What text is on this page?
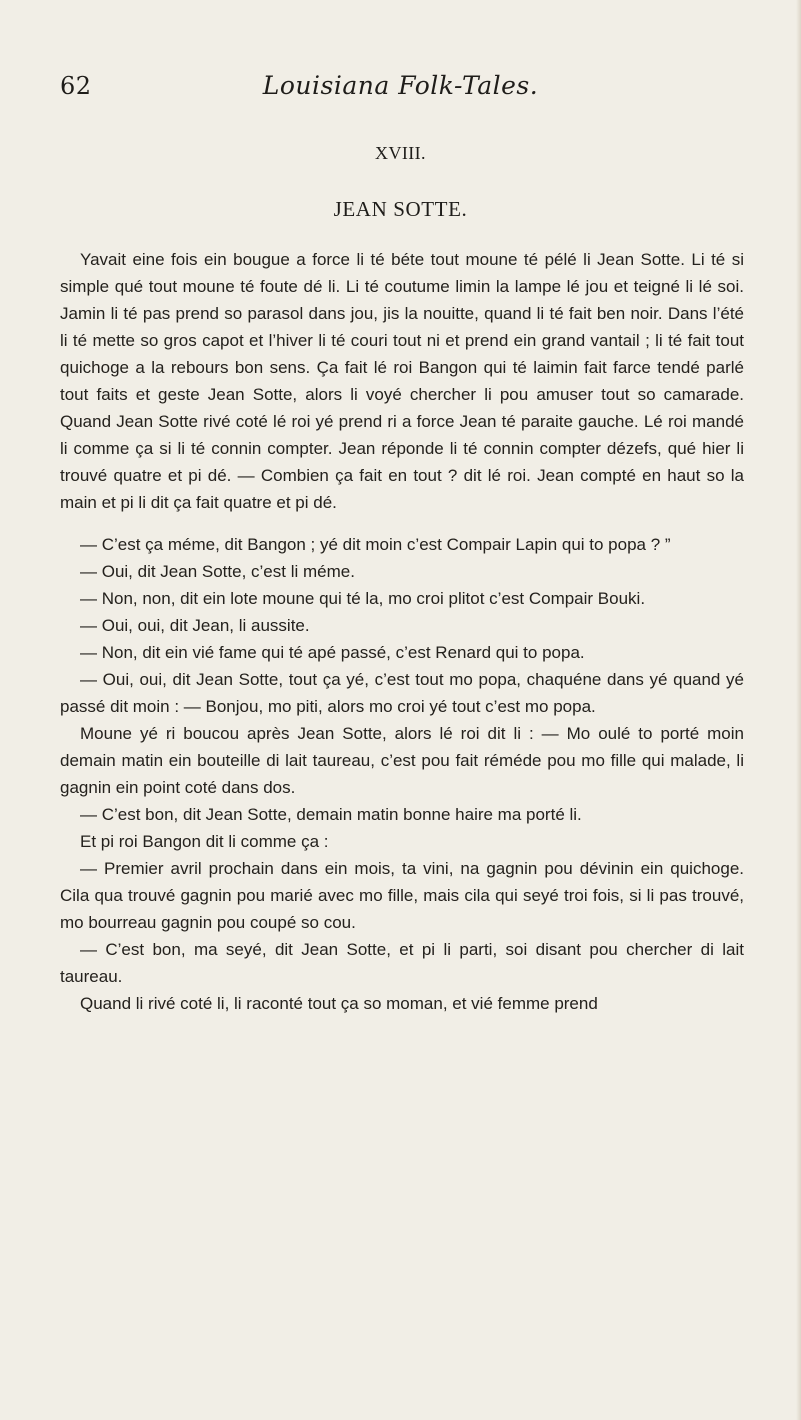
62	Louisiana Folk-Tales.
XVIII.
JEAN SOTTE.

Yavait eine fois ein bougue a force li té béte tout moune té pélé li Jean Sotte. Li té si simple qué tout moune té foute dé li. Li té coutume limin la lampe lé jou et teigné li lé soi. Jamin li té pas prend so parasol dans jou, jis la nouitte, quand li té fait ben noir. Dans l’été li té mette so gros capot et l’hiver li té couri tout ni et prend ein grand vantail ; li té fait tout quichoge a la rebours bon sens. Ça fait lé roi Bangon qui té laimin fait farce tendé parlé tout faits et geste Jean Sotte, alors li voyé chercher li pou amuser tout so camarade. Quand Jean Sotte rivé coté lé roi yé prend ri a force Jean té paraite gauche. Lé roi mandé li comme ça si li té connin compter. Jean réponde li té connin compter dézefs, qué hier li trouvé quatre et pi dé. — Combien ça fait en tout ? dit lé roi. Jean compté en haut so la main et pi li dit ça fait quatre et pi dé.

— C’est ça méme, dit Bangon ; yé dit moin c’est Compair Lapin qui to popa ? ”

— Oui, dit Jean Sotte, c’est li méme.

— Non, non, dit ein lote moune qui té la, mo croi plitot c’est Compair Bouki.

— Oui, oui, dit Jean, li aussite.

— Non, dit ein vié fame qui té apé passé, c’est Renard qui to popa.

— Oui, oui, dit Jean Sotte, tout ça yé, c’est tout mo popa, chaquéne dans yé quand yé passé dit moin : — Bonjou, mo piti, alors mo croi yé tout c’est mo popa.

Moune yé ri boucou après Jean Sotte, alors lé roi dit li : — Mo oulé to porté moin demain matin ein bouteille di lait taureau, c’est pou fait réméde pou mo fille qui malade, li gagnin ein point coté dans dos.

— C’est bon, dit Jean Sotte, demain matin bonne haire ma porté li.

Et pi roi Bangon dit li comme ça :

— Premier avril prochain dans ein mois, ta vini, na gagnin pou dévinin ein quichoge. Cila qua trouvé gagnin pou marié avec mo fille, mais cila qui seyé troi fois, si li pas trouvé, mo bourreau gagnin pou coupé so cou.

— C’est bon, ma seyé, dit Jean Sotte, et pi li parti, soi disant pou chercher di lait taureau.

Quand li rivé coté li, li raconté tout ça so moman, et vié femme prend
